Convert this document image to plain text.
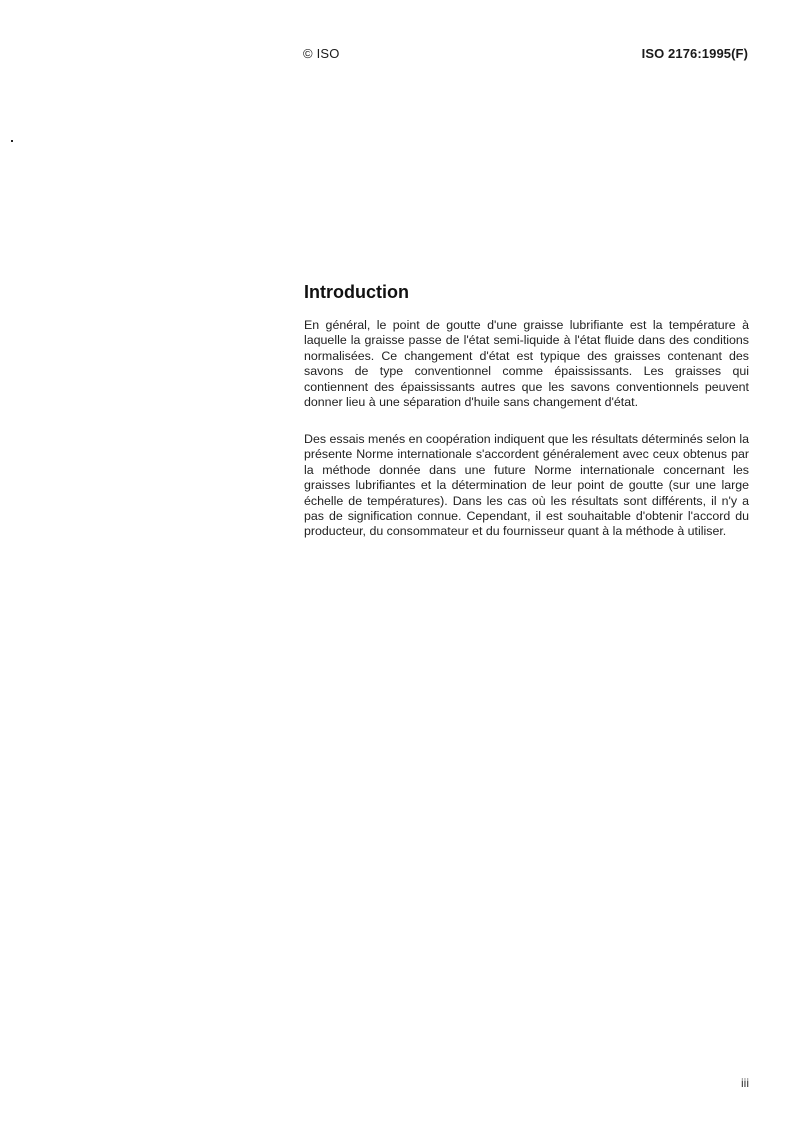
© ISO	ISO 2176:1995(F)
Introduction

En général, le point de goutte d'une graisse lubrifiante est la température à laquelle la graisse passe de l'état semi-liquide à l'état fluide dans des conditions normalisées. Ce changement d'état est typique des graisses contenant des savons de type conventionnel comme épaississants. Les graisses qui contiennent des épaississants autres que les savons conventionnels peuvent donner lieu à une séparation d'huile sans changement d'état.

Des essais menés en coopération indiquent que les résultats déterminés selon la présente Norme internationale s'accordent généralement avec ceux obtenus par la méthode donnée dans une future Norme internationale concernant les graisses lubrifiantes et la détermination de leur point de goutte (sur une large échelle de températures). Dans les cas où les résultats sont différents, il n'y a pas de signification connue. Cependant, il est souhaitable d'obtenir l'accord du producteur, du consommateur et du fournisseur quant à la méthode à utiliser.

iii
